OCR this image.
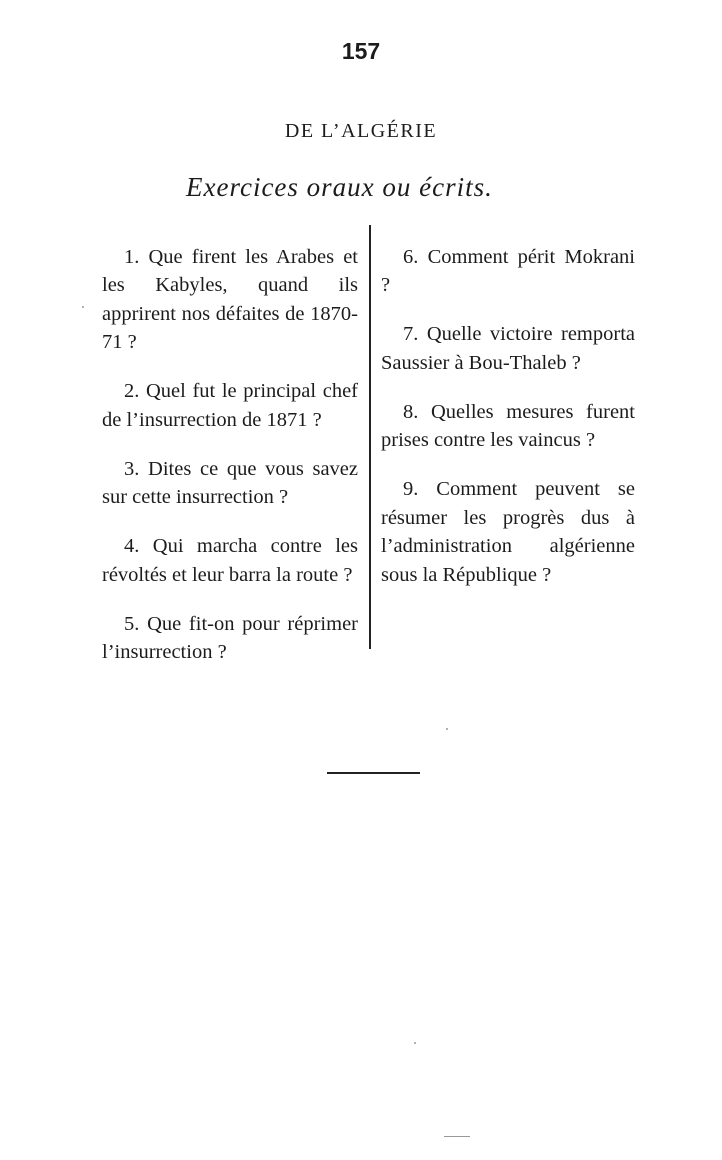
157
DE L’ALGÉRIE
Exercices oraux ou écrits.

1. Que firent les Arabes et les Kabyles, quand ils apprirent nos défaites de 1870-71 ?

2. Quel fut le principal chef de l’insurrection de 1871 ?

3. Dites ce que vous savez sur cette insurrection ?

4. Qui marcha contre les révoltés et leur barra la route ?

5. Que fit-on pour réprimer l’insurrection ?

6. Comment périt Mokrani ?

7. Quelle victoire remporta Saussier à Bou-Thaleb ?

8. Quelles mesures furent prises contre les vaincus ?

9. Comment peuvent se résumer les progrès dus à l’administration algérienne sous la République ?
